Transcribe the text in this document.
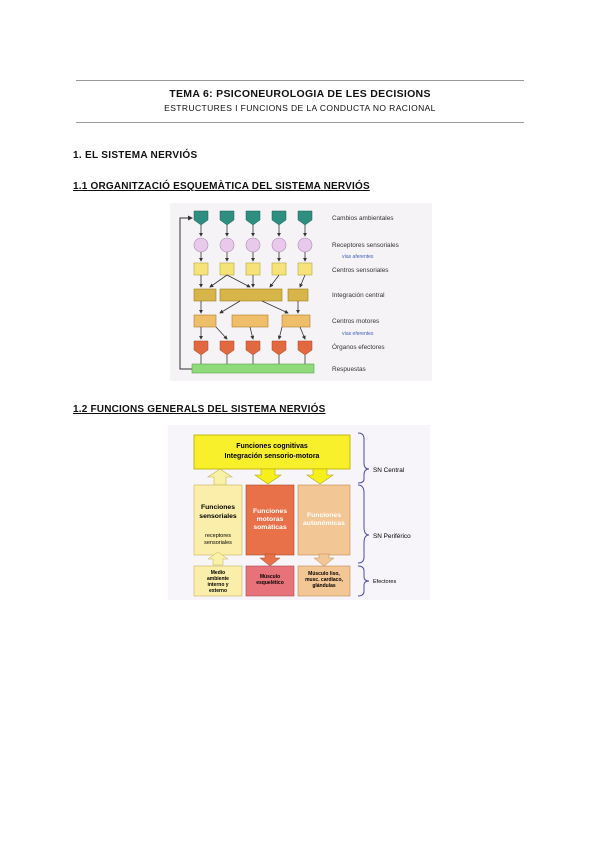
TEMA 6: PSICONEUROLOGIA DE LES DECISIONS
ESTRUCTURES I FUNCIONS DE LA CONDUCTA NO RACIONAL
1. EL SISTEMA NERVIÓS
1.1 ORGANITZACIÓ ESQUEMÀTICA DEL SISTEMA NERVIÓS
Cambios ambientales
Receptores sensoriales
vías aferentes
Centros sensoriales
Integración central
Centros motores
vías eferentes
Órganos efectores
Respuestas
1.2 FUNCIONS GENERALS DEL SISTEMA NERVIÓS
Funciones cognitivas
Integración sensorio-motora
Funciones
sensoriales
Funciones
motoras
somáticas
Funciones
autonómicas
receptores
sensoriales
Medio
ambiente
interno y
externo
Músculo
esquelético
Músculo liso,
musc. cardíaco,
glándulas
SN Central
SN Periférico
Efectores
